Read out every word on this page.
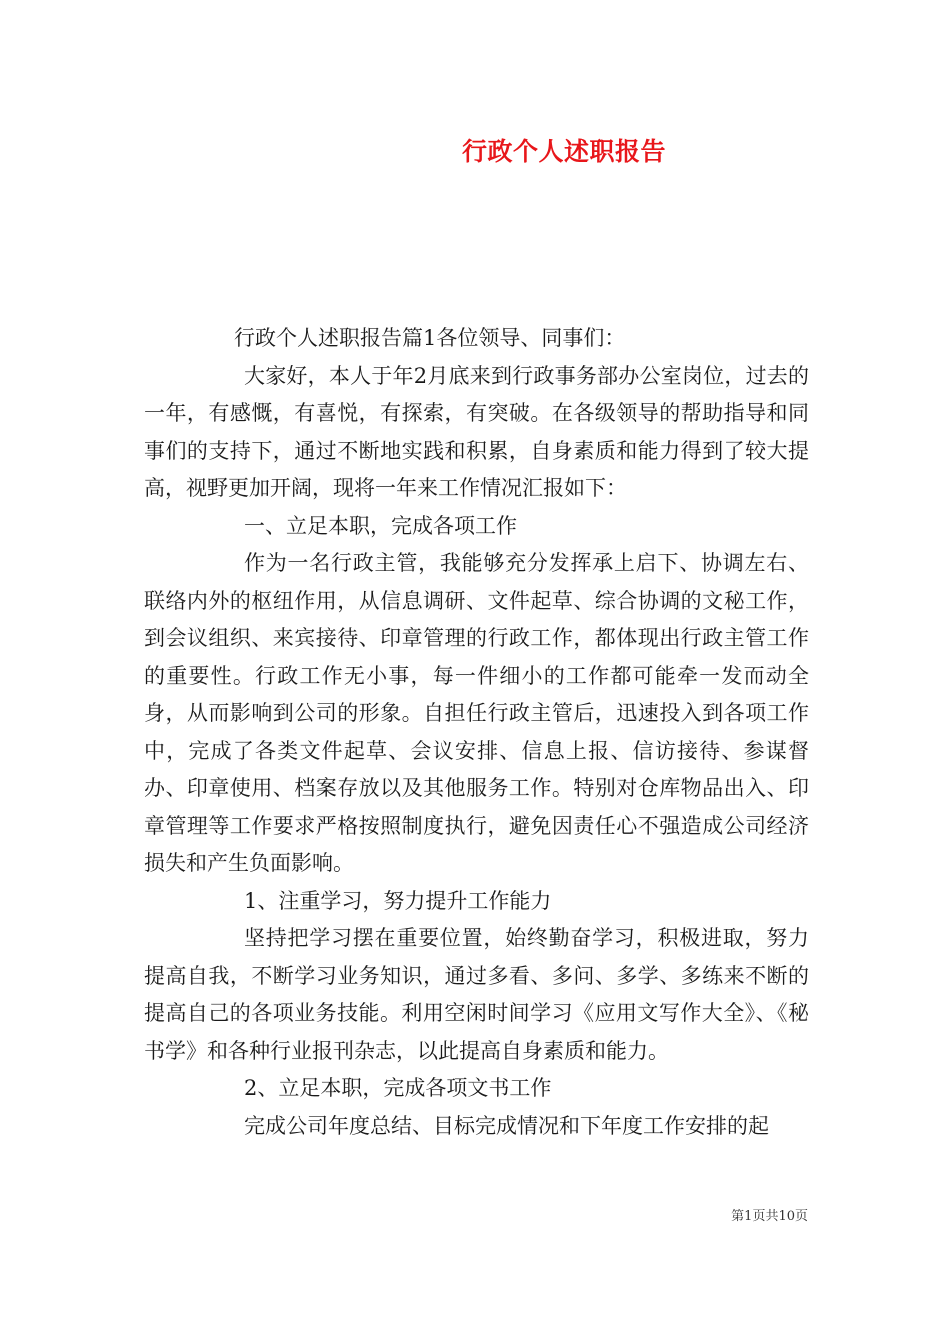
行政个人述职报告

行政个人述职报告篇1各位领导、同事们：

大家好，本人于年2月底来到行政事务部办公室岗位，过去的一年，有感慨，有喜悦，有探索，有突破。在各级领导的帮助指导和同事们的支持下，通过不断地实践和积累，自身素质和能力得到了较大提高，视野更加开阔，现将一年来工作情况汇报如下：

一、立足本职，完成各项工作

作为一名行政主管，我能够充分发挥承上启下、协调左右、联络内外的枢纽作用，从信息调研、文件起草、综合协调的文秘工作，到会议组织、来宾接待、印章管理的行政工作，都体现出行政主管工作的重要性。行政工作无小事，每一件细小的工作都可能牵一发而动全身，从而影响到公司的形象。自担任行政主管后，迅速投入到各项工作中，完成了各类文件起草、会议安排、信息上报、信访接待、参谋督办、印章使用、档案存放以及其他服务工作。特别对仓库物品出入、印章管理等工作要求严格按照制度执行，避免因责任心不强造成公司经济损失和产生负面影响。

1、注重学习，努力提升工作能力

坚持把学习摆在重要位置，始终勤奋学习，积极进取，努力提高自我，不断学习业务知识，通过多看、多问、多学、多练来不断的提高自己的各项业务技能。利用空闲时间学习《应用文写作大全》、《秘书学》和各种行业报刊杂志，以此提高自身素质和能力。

2、立足本职，完成各项文书工作

完成公司年度总结、目标完成情况和下年度工作安排的起

第1页共10页
